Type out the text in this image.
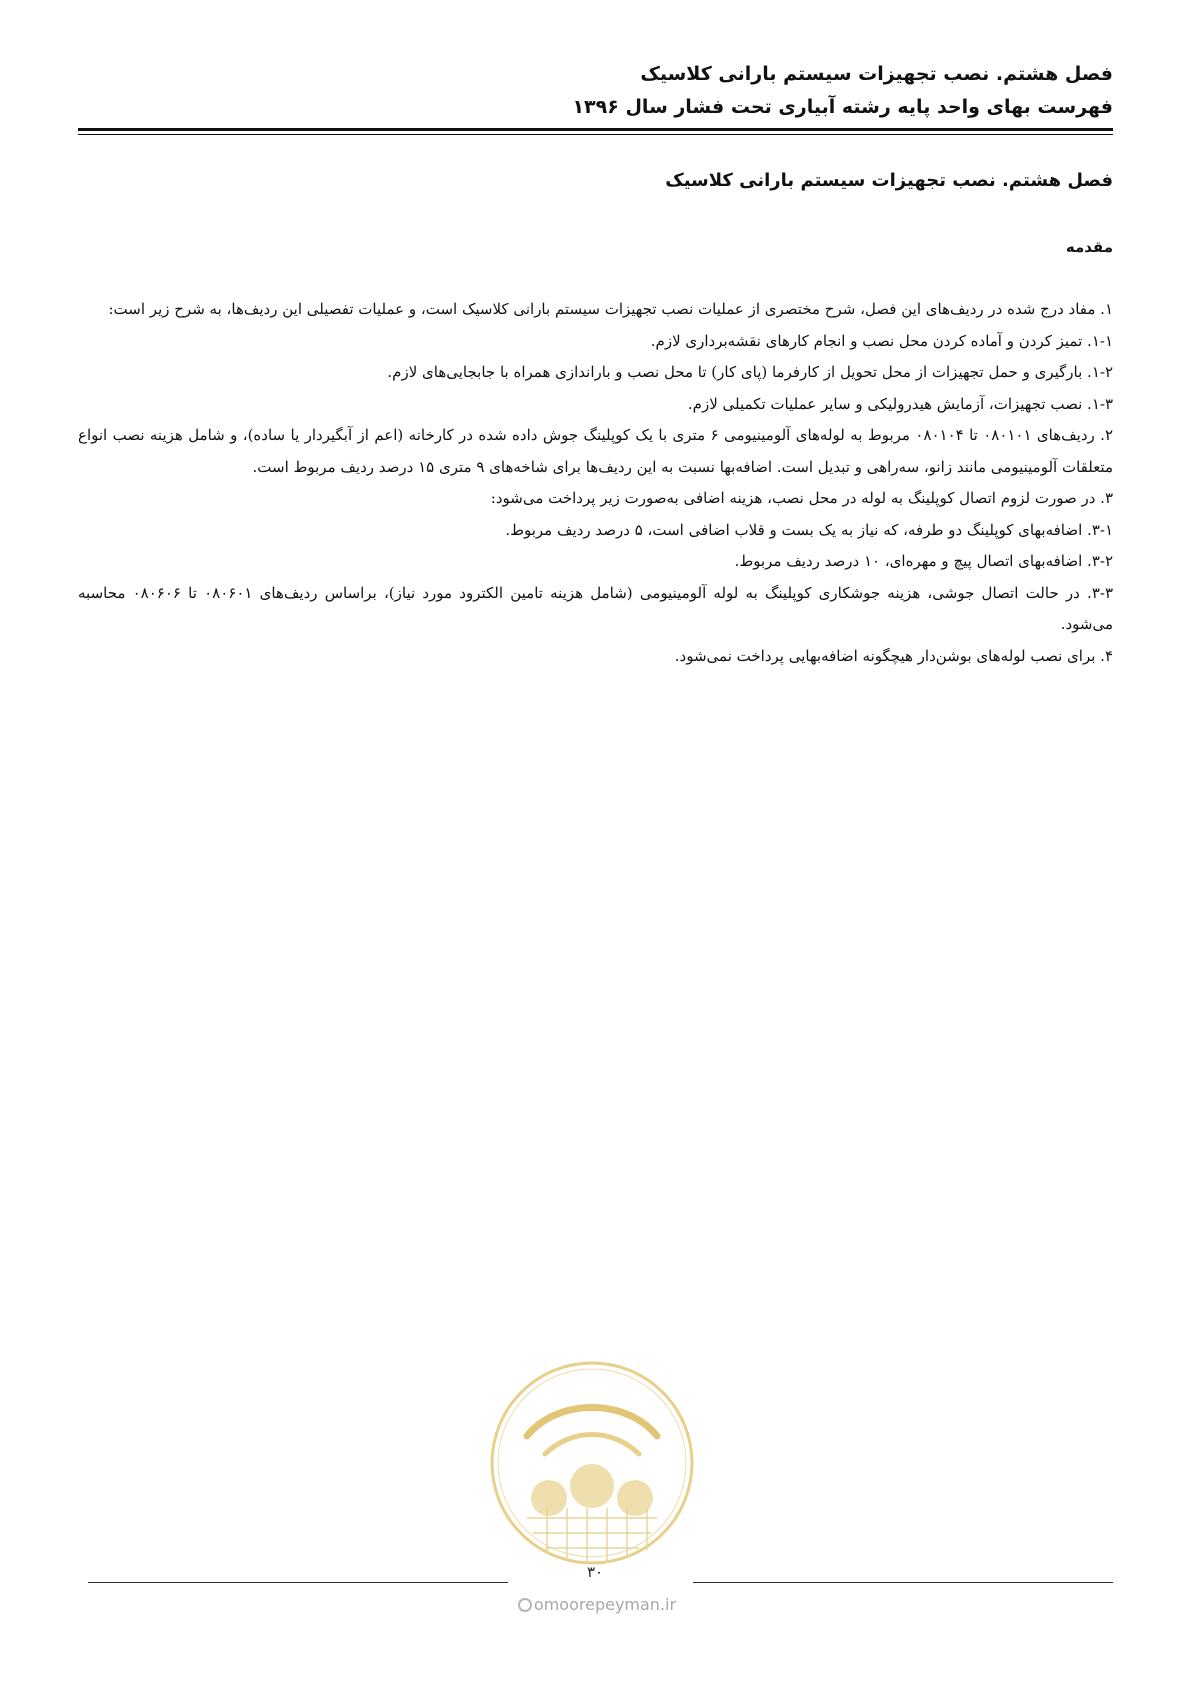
فصل هشتم. نصب تجهیزات سیستم بارانی کلاسیک
فهرست بهای واحد پایه رشته آبیاری تحت فشار سال ۱۳۹۶
فصل هشتم. نصب تجهیزات سیستم بارانی کلاسیک
مقدمه

۱. مفاد درج شده در ردیف‌های این فصل، شرح مختصری از عملیات نصب تجهیزات سیستم بارانی کلاسیک است، و عملیات تفصیلی این ردیف‌ها، به شرح زیر است:

۱-۱. تمیز کردن و آماده کردن محل نصب و انجام کارهای نقشه‌برداری لازم.

۱-۲. بارگیری و حمل تجهیزات از محل تحویل از کارفرما (پای کار) تا محل نصب و باراندازی همراه با جابجایی‌های لازم.

۱-۳. نصب تجهیزات، آزمایش هیدرولیکی و سایر عملیات تکمیلی لازم.

۲. ردیف‌های ۰۸۰۱۰۱ تا ۰۸۰۱۰۴ مربوط به لوله‌های آلومینیومی ۶ متری با یک کوپلینگ جوش داده شده در کارخانه (اعم از آبگیردار یا ساده)، و شامل هزینه نصب انواع متعلقات آلومینیومی مانند زانو، سه‌راهی و تبدیل است. اضافه‌بها نسبت به این ردیف‌ها برای شاخه‌های ۹ متری ۱۵ درصد ردیف مربوط است.

۳. در صورت لزوم اتصال کوپلینگ به لوله در محل نصب، هزینه اضافی به‌صورت زیر پرداخت می‌شود:

۳-۱. اضافه‌بهای کوپلینگ دو طرفه، که نیاز به یک بست و قلاب اضافی است، ۵ درصد ردیف مربوط.

۳-۲. اضافه‌بهای اتصال پیچ و مهره‌ای، ۱۰ درصد ردیف مربوط.

۳-۳. در حالت اتصال جوشی، هزینه جوشکاری کوپلینگ به لوله آلومینیومی (شامل هزینه تامین الکترود مورد نیاز)، براساس ردیف‌های ۰۸۰۶۰۱ تا ۰۸۰۶۰۶ محاسبه می‌شود.

۴. برای نصب لوله‌های بوشن‌دار هیچگونه اضافه‌بهایی پرداخت نمی‌شود.

۳۰
omoorepeyman.ir
